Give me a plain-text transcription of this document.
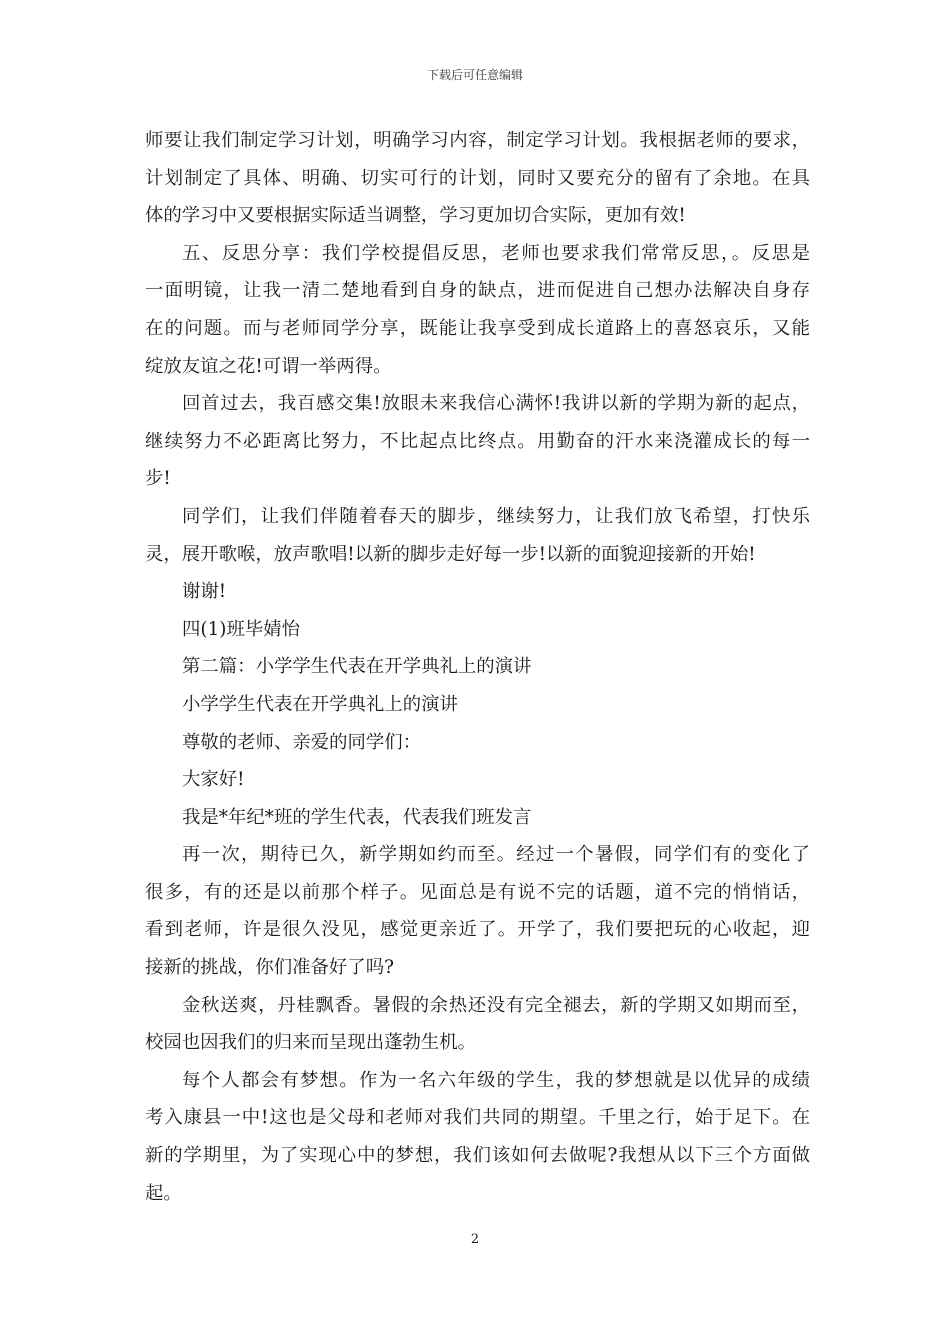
下载后可任意编辑
师要让我们制定学习计划，明确学习内容，制定学习计划。我根据老师的要求，
计划制定了具体、明确、切实可行的计划，同时又要充分的留有了余地。在具
体的学习中又要根据实际适当调整，学习更加切合实际，更加有效!
五、反思分享：我们学校提倡反思，老师也要求我们常常反思，。反思是
一面明镜，让我一清二楚地看到自身的缺点，进而促进自己想办法解决自身存
在的问题。而与老师同学分享，既能让我享受到成长道路上的喜怒哀乐，又能
绽放友谊之花!可谓一举两得。
回首过去，我百感交集!放眼未来我信心满怀!我讲以新的学期为新的起点，
继续努力不必距离比努力，不比起点比终点。用勤奋的汗水来浇灌成长的每一
步!
同学们，让我们伴随着春天的脚步，继续努力，让我们放飞希望，打快乐
灵，展开歌喉，放声歌唱!以新的脚步走好每一步!以新的面貌迎接新的开始!
谢谢!
四(1)班毕婧怡
第二篇：小学学生代表在开学典礼上的演讲
小学学生代表在开学典礼上的演讲
尊敬的老师、亲爱的同学们：
大家好!
我是*年纪*班的学生代表，代表我们班发言
再一次，期待已久，新学期如约而至。经过一个暑假，同学们有的变化了
很多，有的还是以前那个样子。见面总是有说不完的话题，道不完的悄悄话，
看到老师，许是很久没见，感觉更亲近了。开学了，我们要把玩的心收起，迎
接新的挑战，你们准备好了吗?
金秋送爽，丹桂飘香。暑假的余热还没有完全褪去，新的学期又如期而至，
校园也因我们的归来而呈现出蓬勃生机。
每个人都会有梦想。作为一名六年级的学生，我的梦想就是以优异的成绩
考入康县一中!这也是父母和老师对我们共同的期望。千里之行，始于足下。在
新的学期里，为了实现心中的梦想，我们该如何去做呢?我想从以下三个方面做
起。
2
